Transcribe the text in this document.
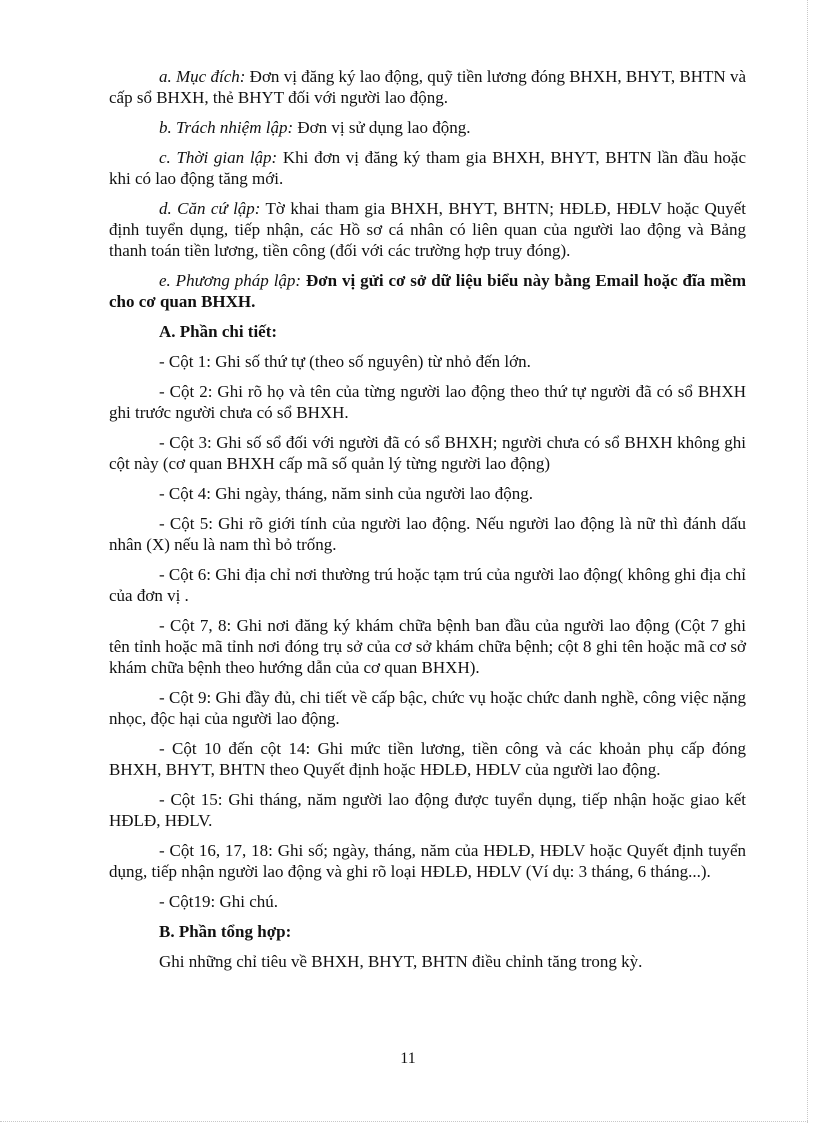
a. Mục đích: Đơn vị đăng ký lao động, quỹ tiền lương đóng BHXH, BHYT, BHTN và cấp sổ BHXH, thẻ BHYT đối với người lao động.

b. Trách nhiệm lập: Đơn vị sử dụng lao động.

c. Thời gian lập: Khi đơn vị đăng ký tham gia BHXH, BHYT, BHTN lần đầu hoặc khi có lao động tăng mới.

d. Căn cứ lập: Tờ khai tham gia BHXH, BHYT, BHTN; HĐLĐ, HĐLV hoặc Quyết định tuyển dụng, tiếp nhận, các Hồ sơ cá nhân có liên quan của người lao động và Bảng thanh toán tiền lương, tiền công (đối với các trường hợp truy đóng).

e. Phương pháp lập: Đơn vị gửi cơ sở dữ liệu biểu này bằng Email hoặc đĩa mềm cho cơ quan BHXH.

A. Phần chi tiết:

- Cột 1: Ghi số thứ tự (theo số nguyên) từ nhỏ đến lớn.

- Cột 2: Ghi rõ họ và tên của từng người lao động theo thứ tự người đã có sổ BHXH ghi trước người chưa có sổ BHXH.

- Cột 3: Ghi số sổ đối với người đã có sổ BHXH; người chưa có sổ BHXH không ghi cột này (cơ quan BHXH cấp mã số quản lý từng người lao động)

- Cột 4: Ghi ngày, tháng, năm sinh của người lao động.

- Cột 5: Ghi rõ giới tính của người lao động. Nếu người lao động là nữ thì đánh dấu nhân (X) nếu là nam thì bỏ trống.

- Cột 6: Ghi địa chỉ nơi thường trú hoặc tạm trú của người lao động( không ghi địa chỉ của đơn vị .

- Cột 7, 8: Ghi nơi đăng ký khám chữa bệnh ban đầu của người lao động (Cột 7 ghi tên tỉnh hoặc mã tỉnh nơi đóng trụ sở của cơ sở khám chữa bệnh; cột 8 ghi tên hoặc mã cơ sở khám chữa bệnh theo hướng dẫn của cơ quan BHXH).

- Cột 9: Ghi đầy đủ, chi tiết về cấp bậc, chức vụ hoặc chức danh nghề, công việc nặng nhọc, độc hại của người lao động.

- Cột 10 đến cột 14: Ghi mức tiền lương, tiền công và các khoản phụ cấp đóng BHXH, BHYT, BHTN theo Quyết định hoặc HĐLĐ, HĐLV của người lao động.

- Cột 15: Ghi tháng, năm người lao động được tuyển dụng, tiếp nhận hoặc giao kết HĐLĐ, HĐLV.

- Cột 16, 17, 18: Ghi số; ngày, tháng, năm của HĐLĐ, HĐLV hoặc Quyết định tuyển dụng, tiếp nhận người lao động và ghi rõ loại HĐLĐ, HĐLV (Ví dụ: 3 tháng, 6 tháng...).

- Cột19: Ghi chú.

B. Phần tổng hợp:

Ghi những chỉ tiêu về BHXH, BHYT, BHTN điều chỉnh tăng trong kỳ.

11
